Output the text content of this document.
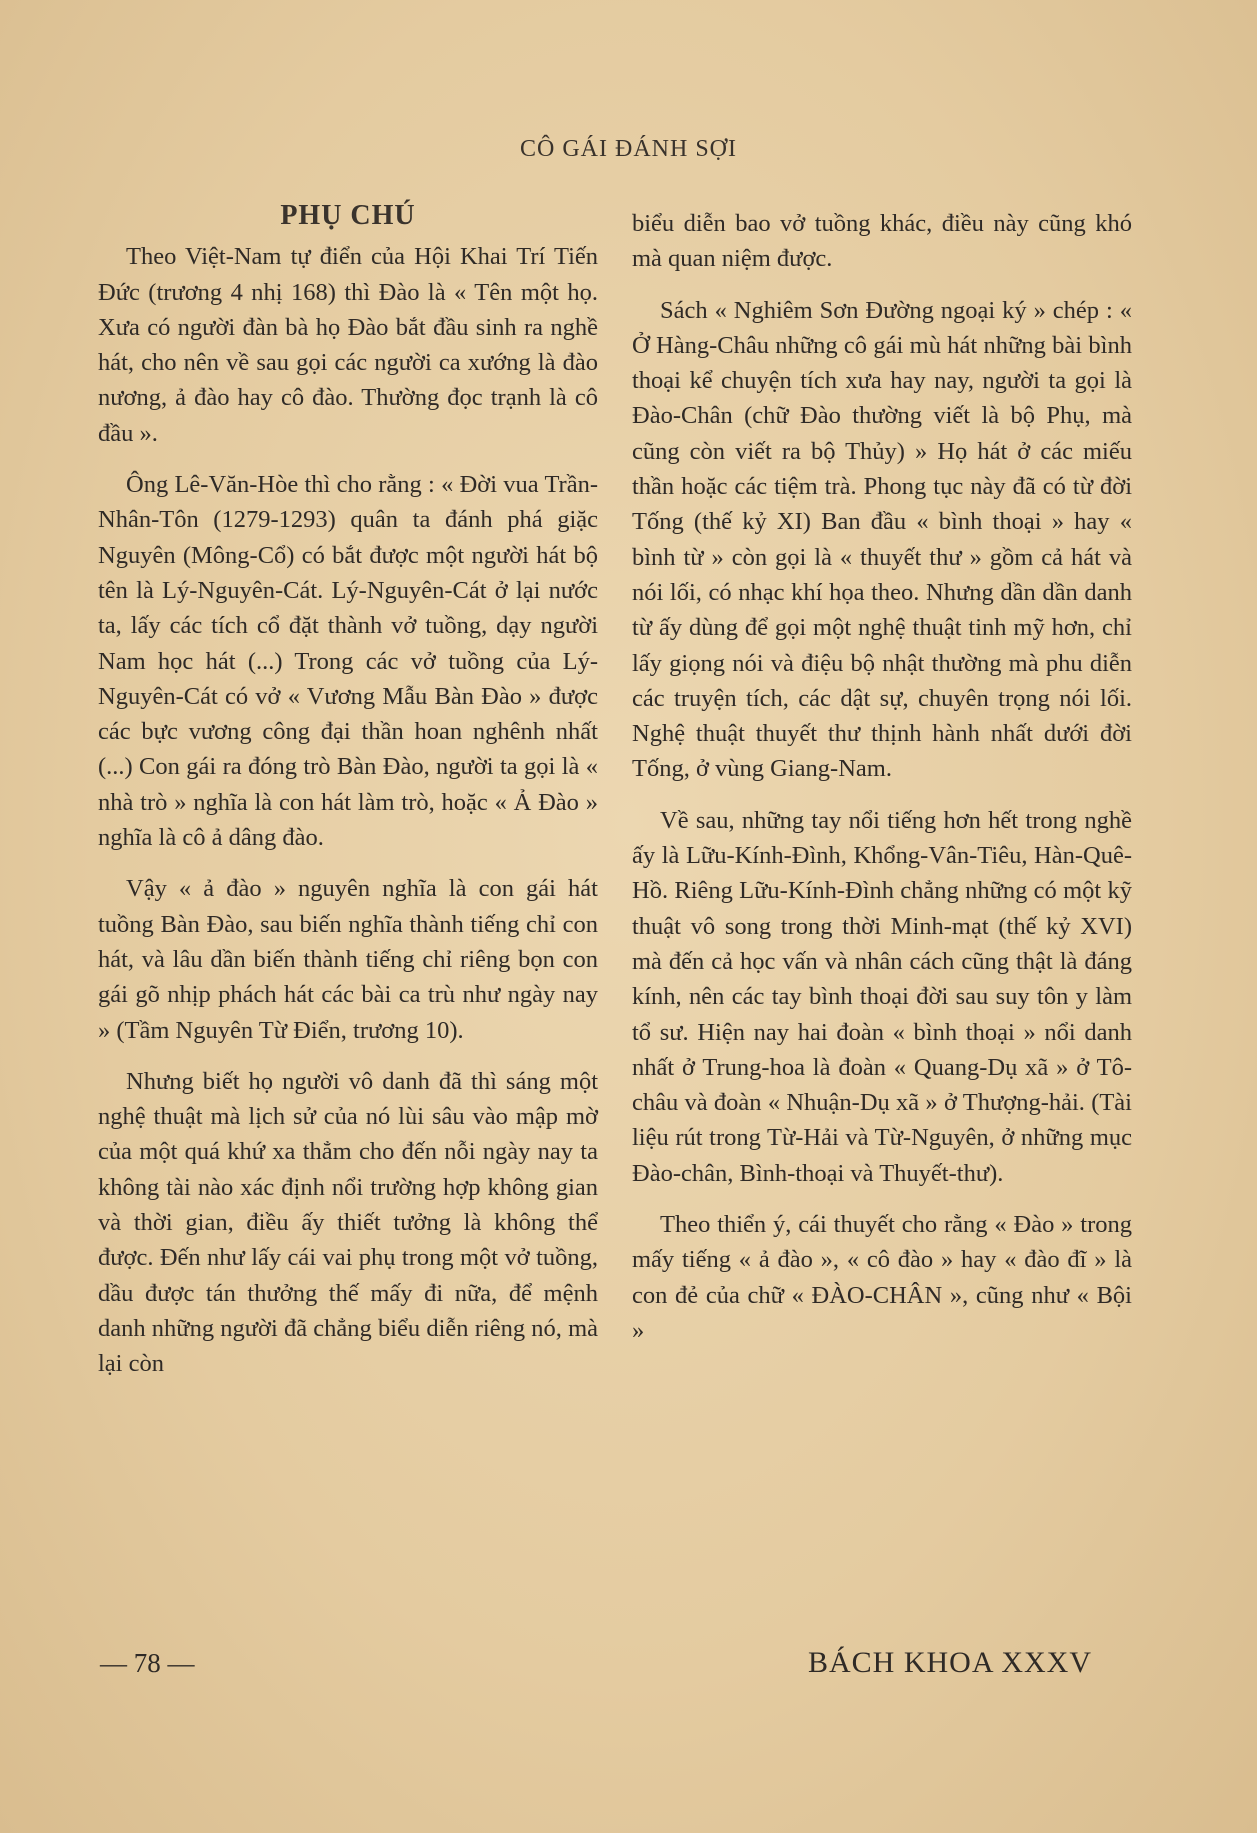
CÔ GÁI ĐÁNH SỢI
PHỤ CHÚ

Theo Việt-Nam tự điển của Hội Khai Trí Tiến Đức (trương 4 nhị 168) thì Đào là « Tên một họ. Xưa có người đàn bà họ Đào bắt đầu sinh ra nghề hát, cho nên về sau gọi các người ca xướng là đào nương, ả đào hay cô đào. Thường đọc trạnh là cô đầu ».

Ông Lê-Văn-Hòe thì cho rằng : « Đời vua Trần-Nhân-Tôn (1279-1293) quân ta đánh phá giặc Nguyên (Mông-Cổ) có bắt được một người hát bộ tên là Lý-Nguyên-Cát. Lý-Nguyên-Cát ở lại nước ta, lấy các tích cổ đặt thành vở tuồng, dạy người Nam học hát (...) Trong các vở tuồng của Lý-Nguyên-Cát có vở « Vương Mẫu Bàn Đào » được các bực vương công đại thần hoan nghênh nhất (...) Con gái ra đóng trò Bàn Đào, người ta gọi là « nhà trò » nghĩa là con hát làm trò, hoặc « Ả Đào » nghĩa là cô ả dâng đào.

Vậy « ả đào » nguyên nghĩa là con gái hát tuồng Bàn Đào, sau biến nghĩa thành tiếng chỉ con hát, và lâu dần biến thành tiếng chỉ riêng bọn con gái gõ nhịp phách hát các bài ca trù như ngày nay » (Tầm Nguyên Từ Điển, trương 10).

Nhưng biết họ người vô danh đã thì sáng một nghệ thuật mà lịch sử của nó lùi sâu vào mập mờ của một quá khứ xa thẳm cho đến nỗi ngày nay ta không tài nào xác định nổi trường hợp không gian và thời gian, điều ấy thiết tưởng là không thể được. Đến như lấy cái vai phụ trong một vở tuồng, dầu được tán thưởng thế mấy đi nữa, để mệnh danh những người đã chẳng biểu diễn riêng nó, mà lại còn

biểu diễn bao vở tuồng khác, điều này cũng khó mà quan niệm được.

Sách « Nghiêm Sơn Đường ngoại ký » chép : « Ở Hàng-Châu những cô gái mù hát những bài bình thoại kể chuyện tích xưa hay nay, người ta gọi là Đào-Chân (chữ Đào thường viết là bộ Phụ, mà cũng còn viết ra bộ Thủy) » Họ hát ở các miếu thần hoặc các tiệm trà. Phong tục này đã có từ đời Tống (thế kỷ XI) Ban đầu « bình thoại » hay « bình từ » còn gọi là « thuyết thư » gồm cả hát và nói lối, có nhạc khí họa theo. Nhưng dần dần danh từ ấy dùng để gọi một nghệ thuật tinh mỹ hơn, chỉ lấy giọng nói và điệu bộ nhật thường mà phu diễn các truyện tích, các dật sự, chuyên trọng nói lối. Nghệ thuật thuyết thư thịnh hành nhất dưới đời Tống, ở vùng Giang-Nam.

Về sau, những tay nổi tiếng hơn hết trong nghề ấy là Lữu-Kính-Đình, Khổng-Vân-Tiêu, Hàn-Quê-Hồ. Riêng Lữu-Kính-Đình chẳng những có một kỹ thuật vô song trong thời Minh-mạt (thế kỷ XVI) mà đến cả học vấn và nhân cách cũng thật là đáng kính, nên các tay bình thoại đời sau suy tôn y làm tổ sư. Hiện nay hai đoàn « bình thoại » nổi danh nhất ở Trung-hoa là đoàn « Quang-Dụ xã » ở Tô-châu và đoàn « Nhuận-Dụ xã » ở Thượng-hải. (Tài liệu rút trong Từ-Hải và Từ-Nguyên, ở những mục Đào-chân, Bình-thoại và Thuyết-thư).

Theo thiển ý, cái thuyết cho rằng « Đào » trong mấy tiếng « ả đào », « cô đào » hay « đào đĩ » là con đẻ của chữ « ĐÀO-CHÂN », cũng như « Bội »

— 78 —	BÁCH KHOA XXXV
